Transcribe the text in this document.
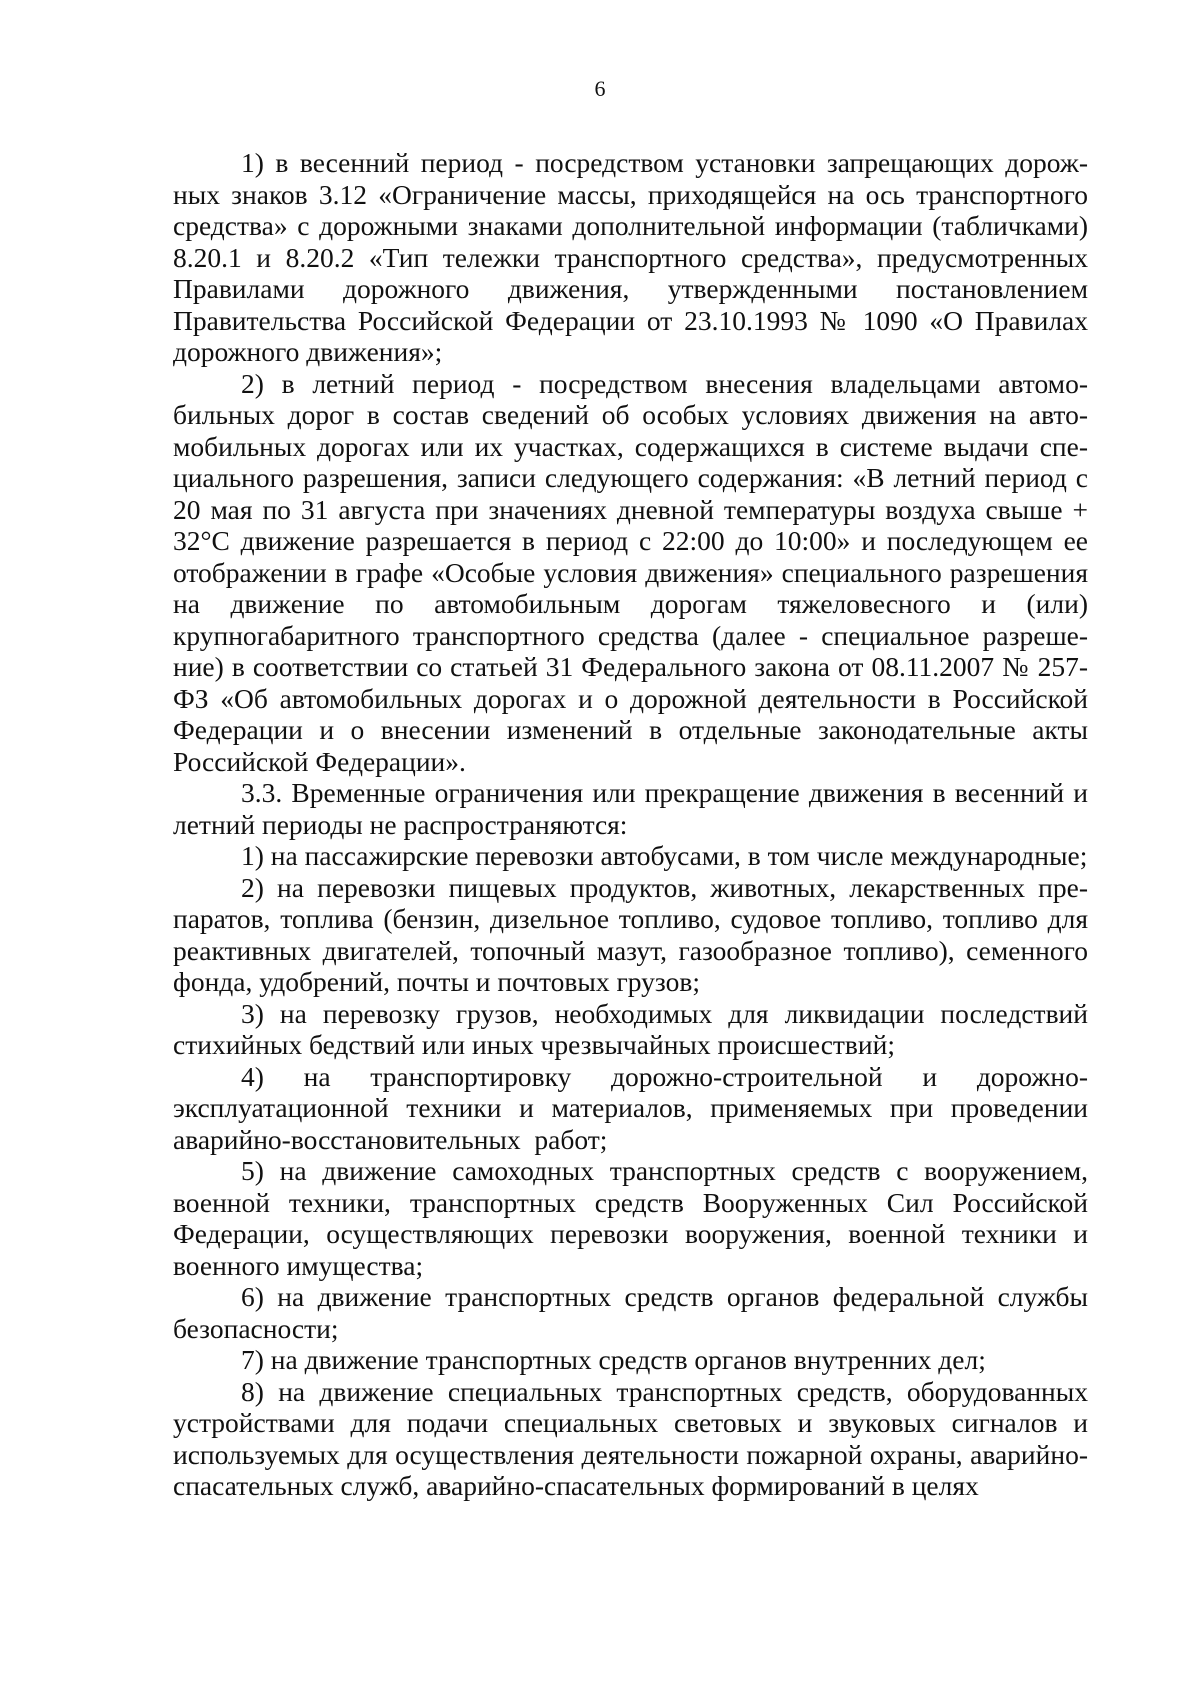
6

1) в весенний период - посредством установки запрещающих дорожных знаков 3.12 «Ограничение массы, приходящейся на ось транспортного средства» с дорожными знаками дополнительной информации (табличками) 8.20.1 и 8.20.2 «Тип тележки транспортного средства», предусмотренных Правилами дорожного движения, утвержденными постановлением Правительства Российской Федерации от 23.10.1993 № 1090 «О Правилах дорожного движения»;

2) в летний период - посредством внесения владельцами автомобильных дорог в состав сведений об особых условиях движения на автомобильных дорогах или их участках, содержащихся в системе выдачи специального разрешения, записи следующего содержания: «В летний период с 20 мая по 31 августа при значениях дневной температуры воздуха свыше + 32°С движение разрешается в период с 22:00 до 10:00» и последующем ее отображении в графе «Особые условия движения» специального разрешения на движение по автомобильным дорогам тяжеловесного и (или) крупногабаритного транспортного средства (далее - специальное разрешение) в соответствии со статьей 31 Федерального закона от 08.11.2007 № 257-ФЗ «Об автомобильных дорогах и о дорожной деятельности в Российской Федерации и о внесении изменений в отдельные законодательные акты Российской Федерации».

3.3. Временные ограничения или прекращение движения в весенний и летний периоды не распространяются:

1) на пассажирские перевозки автобусами, в том числе международные;

2) на перевозки пищевых продуктов, животных, лекарственных препаратов, топлива (бензин, дизельное топливо, судовое топливо, топливо для реактивных двигателей, топочный мазут, газообразное топливо), семенного фонда, удобрений, почты и почтовых грузов;

3) на перевозку грузов, необходимых для ликвидации последствий стихийных бедствий или иных чрезвычайных происшествий;

4) на транспортировку дорожно-строительной и дорожно-эксплуатационной техники и материалов, применяемых при проведении аварийно-восстановительных работ;

5) на движение самоходных транспортных средств с вооружением, военной техники, транспортных средств Вооруженных Сил Российской Федерации, осуществляющих перевозки вооружения, военной техники и военного имущества;

6) на движение транспортных средств органов федеральной службы безопасности;

7) на движение транспортных средств органов внутренних дел;

8) на движение специальных транспортных средств, оборудованных устройствами для подачи специальных световых и звуковых сигналов и используемых для осуществления деятельности пожарной охраны, аварийно-спасательных служб, аварийно-спасательных формирований в целях
